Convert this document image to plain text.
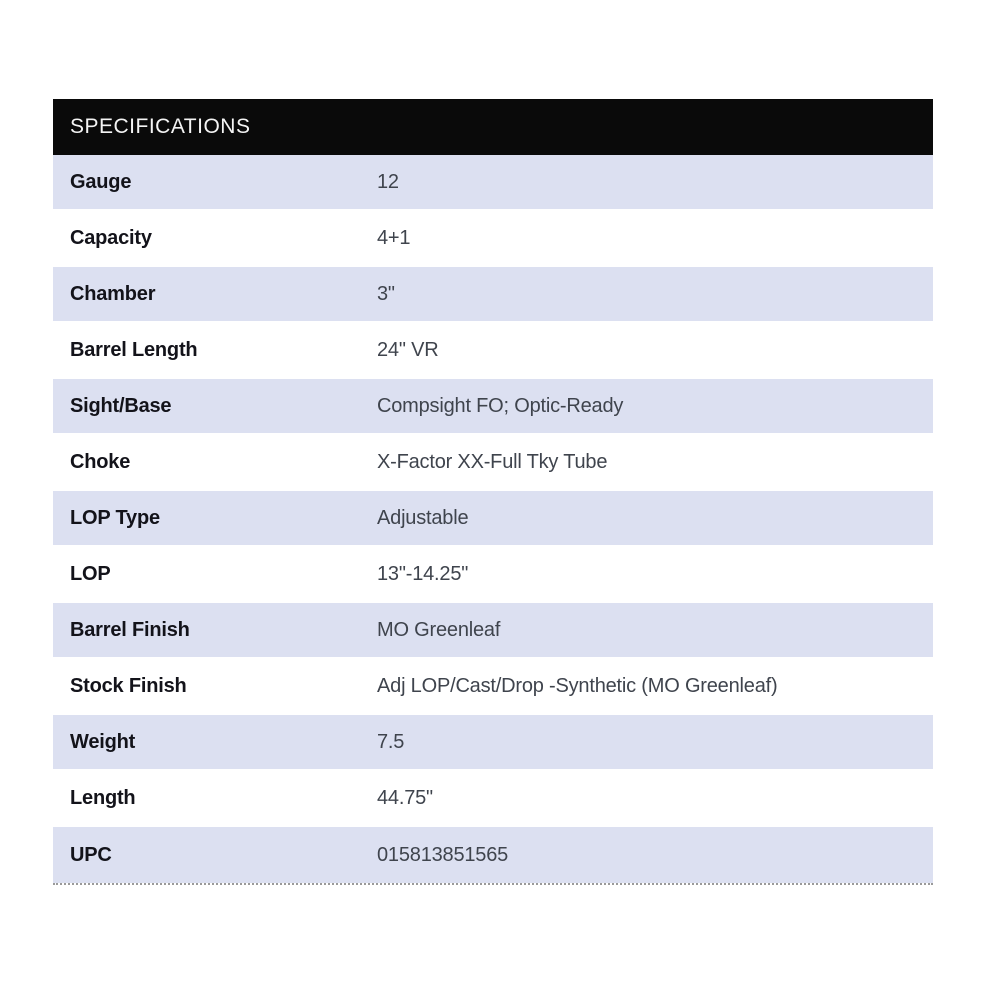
SPECIFICATIONS
Gauge	12
Capacity	4+1
Chamber	3"
Barrel Length	24" VR
Sight/Base	Compsight FO; Optic-Ready
Choke	X-Factor XX-Full Tky Tube
LOP Type	Adjustable
LOP	13"-14.25"
Barrel Finish	MO Greenleaf
Stock Finish	Adj LOP/Cast/Drop -Synthetic (MO Greenleaf)
Weight	7.5
Length	44.75"
UPC	015813851565
